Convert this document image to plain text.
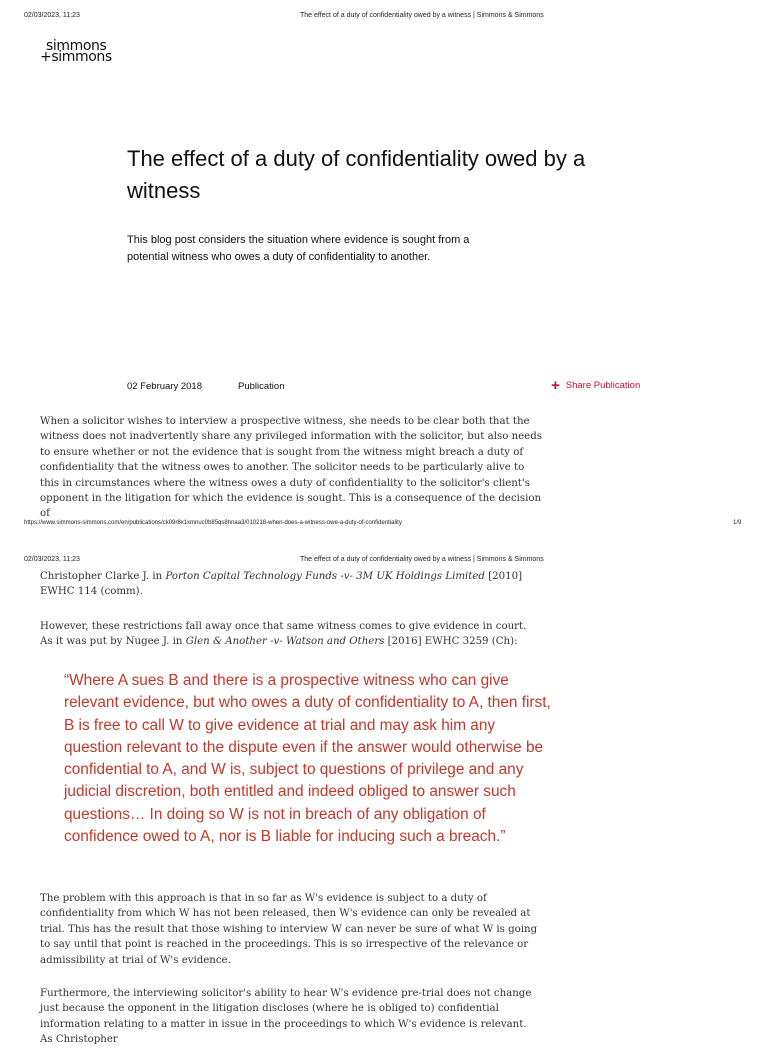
02/03/2023, 11:23	The effect of a duty of confidentiality owed by a witness | Simmons & Simmons
simmons
+simmons
The effect of a duty of confidentiality owed by a witness

This blog post considers the situation where evidence is sought from a potential witness who owes a duty of confidentiality to another.

02 February 2018	Publication	+ Share Publication

When a solicitor wishes to interview a prospective witness, she needs to be clear both that the witness does not inadvertently share any privileged information with the solicitor, but also needs to ensure whether or not the evidence that is sought from the witness might breach a duty of confidentiality that the witness owes to another. The solicitor needs to be particularly alive to this in circumstances where the witness owes a duty of confidentiality to the solicitor's client's opponent in the litigation for which the evidence is sought. This is a consequence of the decision of

https://www.simmons-simmons.com/en/publications/ck09r8x1xmnuc0b85qs8hnaa3/010218-when-does-a-witness-owe-a-duty-of-confidentiality	1/9
02/03/2023, 11:23	The effect of a duty of confidentiality owed by a witness | Simmons & Simmons

Christopher Clarke J. in Porton Capital Technology Funds -v- 3M UK Holdings Limited [2010] EWHC 114 (comm).

However, these restrictions fall away once that same witness comes to give evidence in court. As it was put by Nugee J. in Glen & Another -v- Watson and Others [2016] EWHC 3259 (Ch):

“Where A sues B and there is a prospective witness who can give relevant evidence, but who owes a duty of confidentiality to A, then first, B is free to call W to give evidence at trial and may ask him any question relevant to the dispute even if the answer would otherwise be confidential to A, and W is, subject to questions of privilege and any judicial discretion, both entitled and indeed obliged to answer such questions… In doing so W is not in breach of any obligation of confidence owed to A, nor is B liable for inducing such a breach.”

The problem with this approach is that in so far as W's evidence is subject to a duty of confidentiality from which W has not been released, then W's evidence can only be revealed at trial. This has the result that those wishing to interview W can never be sure of what W is going to say until that point is reached in the proceedings. This is so irrespective of the relevance or admissibility at trial of W's evidence.

Furthermore, the interviewing solicitor's ability to hear W's evidence pre-trial does not change just because the opponent in the litigation discloses (where he is obliged to) confidential information relating to a matter in issue in the proceedings to which W's evidence is relevant. As Christopher
